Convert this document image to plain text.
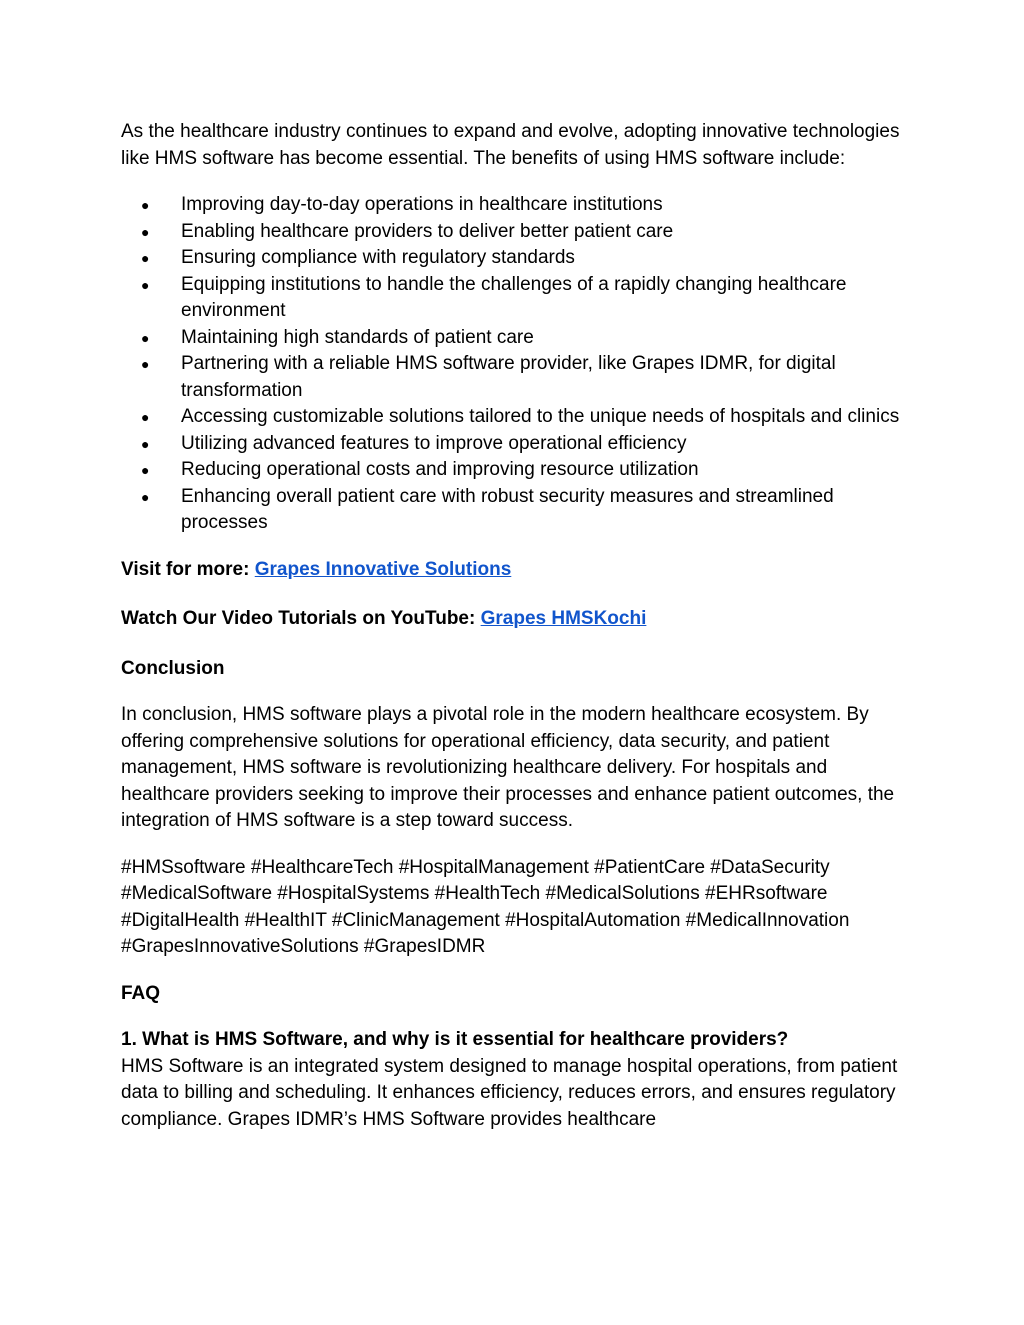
As the healthcare industry continues to expand and evolve, adopting innovative technologies like HMS software has become essential. The benefits of using HMS software include:

●	Improving day-to-day operations in healthcare institutions
●	Enabling healthcare providers to deliver better patient care
●	Ensuring compliance with regulatory standards
●	Equipping institutions to handle the challenges of a rapidly changing healthcare environment
●	Maintaining high standards of patient care
●	Partnering with a reliable HMS software provider, like Grapes IDMR, for digital transformation
●	Accessing customizable solutions tailored to the unique needs of hospitals and clinics
●	Utilizing advanced features to improve operational efficiency
●	Reducing operational costs and improving resource utilization
●	Enhancing overall patient care with robust security measures and streamlined processes

Visit for more: Grapes Innovative Solutions

Watch Our Video Tutorials on YouTube: Grapes HMSKochi

Conclusion

In conclusion, HMS software plays a pivotal role in the modern healthcare ecosystem. By offering comprehensive solutions for operational efficiency, data security, and patient management, HMS software is revolutionizing healthcare delivery. For hospitals and healthcare providers seeking to improve their processes and enhance patient outcomes, the integration of HMS software is a step toward success.

#HMSsoftware #HealthcareTech #HospitalManagement #PatientCare #DataSecurity #MedicalSoftware #HospitalSystems #HealthTech #MedicalSolutions #EHRsoftware #DigitalHealth #HealthIT #ClinicManagement #HospitalAutomation #MedicalInnovation #GrapesInnovativeSolutions #GrapesIDMR

FAQ

1. What is HMS Software, and why is it essential for healthcare providers?

HMS Software is an integrated system designed to manage hospital operations, from patient data to billing and scheduling. It enhances efficiency, reduces errors, and ensures regulatory compliance. Grapes IDMR’s HMS Software provides healthcare
